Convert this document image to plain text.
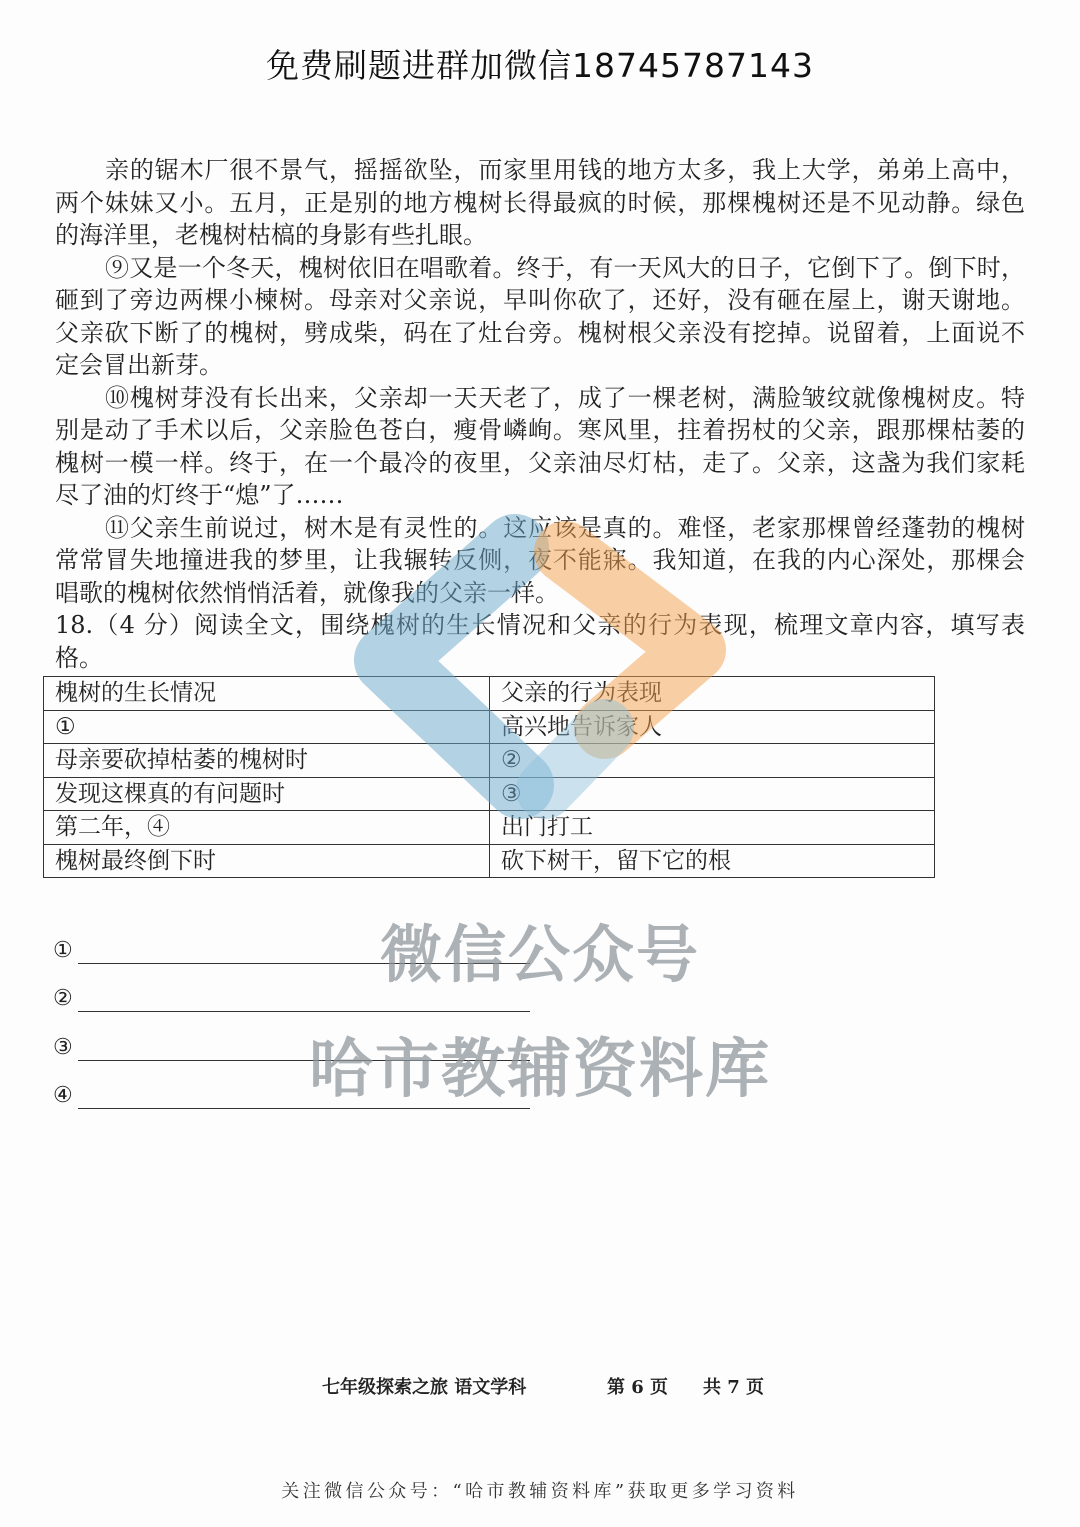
免费刷题进群加微信18745787143
亲的锯木厂很不景气，摇摇欲坠，而家里用钱的地方太多，我上大学，弟弟上高中，
两个妹妹又小。五月，正是别的地方槐树长得最疯的时候，那棵槐树还是不见动静。绿色
的海洋里，老槐树枯槁的身影有些扎眼。
⑨又是一个冬天，槐树依旧在唱歌着。终于，有一天风大的日子，它倒下了。倒下时，
砸到了旁边两棵小楝树。母亲对父亲说，早叫你砍了，还好，没有砸在屋上，谢天谢地。
父亲砍下断了的槐树，劈成柴，码在了灶台旁。槐树根父亲没有挖掉。说留着，上面说不
定会冒出新芽。
⑩槐树芽没有长出来，父亲却一天天老了，成了一棵老树，满脸皱纹就像槐树皮。特
别是动了手术以后，父亲脸色苍白，瘦骨嶙峋。寒风里，拄着拐杖的父亲，跟那棵枯萎的
槐树一模一样。终于，在一个最冷的夜里，父亲油尽灯枯，走了。父亲，这盏为我们家耗
尽了油的灯终于“熄”了……
⑪父亲生前说过，树木是有灵性的。这应该是真的。难怪，老家那棵曾经蓬勃的槐树
常常冒失地撞进我的梦里，让我辗转反侧，夜不能寐。我知道，在我的内心深处，那棵会
唱歌的槐树依然悄悄活着，就像我的父亲一样。
18.（4 分）阅读全文，围绕槐树的生长情况和父亲的行为表现，梳理文章内容，填写表
格。
槐树的生长情况	父亲的行为表现
①	高兴地告诉家人
母亲要砍掉枯萎的槐树时	②
发现这棵真的有问题时	③
第二年，④	出门打工
槐树最终倒下时	砍下树干，留下它的根
①
②
③
④
微信公众号
哈市教辅资料库
七年级探索之旅 语文学科	第 6 页 共 7 页
关注微信公众号：“哈市教辅资料库”获取更多学习资料
